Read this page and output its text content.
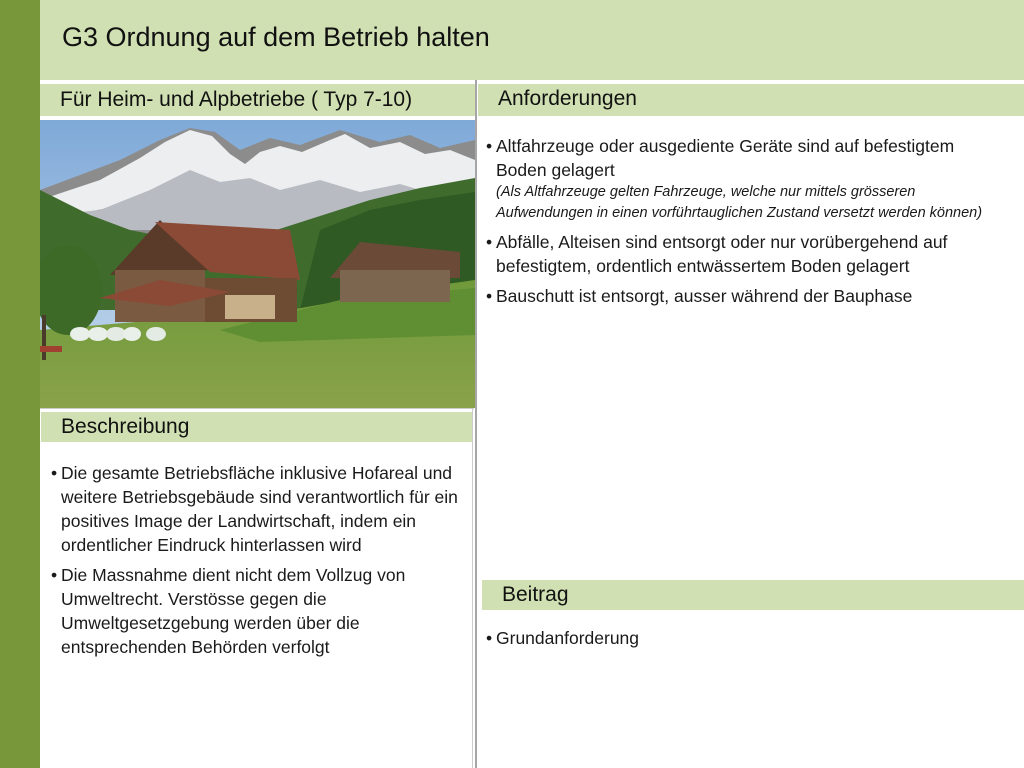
G3 Ordnung auf dem Betrieb halten
Für Heim- und Alpbetriebe ( Typ 7-10)	Anforderungen
Beschreibung
• Altfahrzeuge oder ausgediente Geräte sind auf befestigtem Boden gelagert
(Als Altfahrzeuge gelten Fahrzeuge, welche nur mittels grösseren Aufwendungen in einen vorführtauglichen Zustand versetzt werden können)
• Abfälle, Alteisen sind entsorgt oder nur vorübergehend auf befestigtem, ordentlich entwässertem Boden gelagert
• Bauschutt ist entsorgt, ausser während der Bauphase
• Die gesamte Betriebsfläche inklusive Hofareal und weitere Betriebsgebäude sind verantwortlich für ein positives Image der Landwirtschaft, indem ein ordentlicher Eindruck hinterlassen wird
• Die Massnahme dient nicht dem Vollzug von Umweltrecht. Verstösse gegen die Umweltgesetzgebung werden über die entsprechenden Behörden verfolgt
Beitrag
• Grundanforderung
